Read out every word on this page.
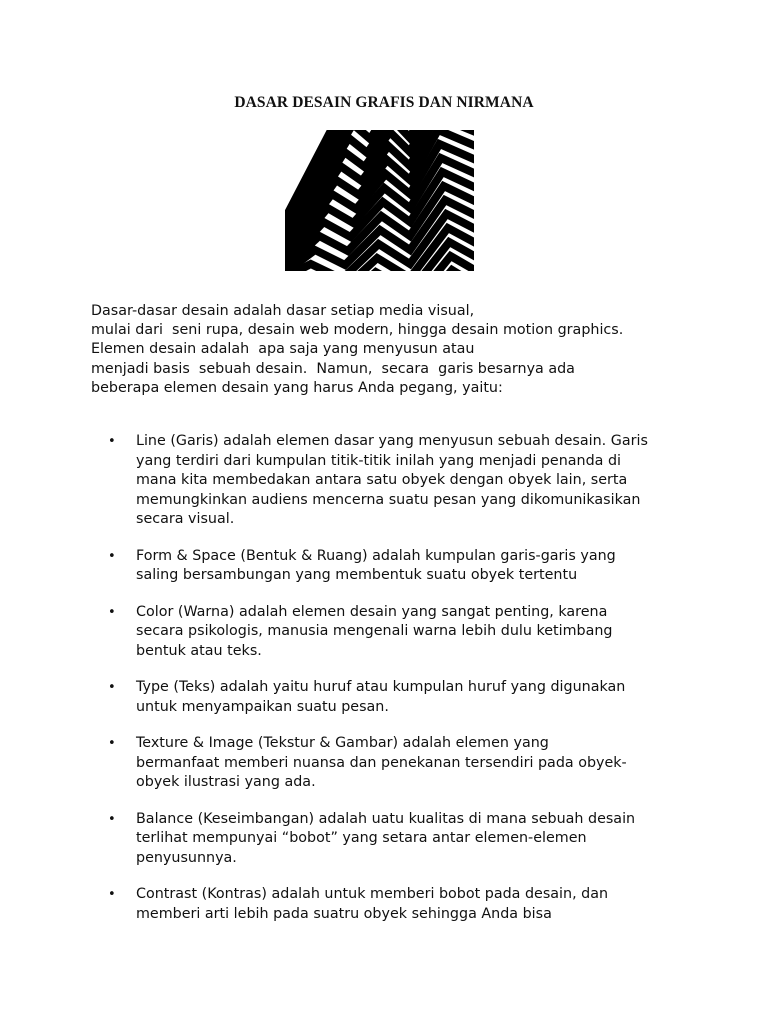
DASAR DESAIN GRAFIS DAN NIRMANA
Dasar-dasar desain adalah dasar setiap media visual,
mulai dari  seni rupa, desain web modern, hingga desain motion graphics.
Elemen desain adalah  apa saja yang menyusun atau
menjadi basis  sebuah desain.  Namun,  secara  garis besarnya ada
beberapa elemen desain yang harus Anda pegang, yaitu:
•	Line (Garis) adalah elemen dasar yang menyusun sebuah desain. Garis
yang terdiri dari kumpulan titik-titik inilah yang menjadi penanda di
mana kita membedakan antara satu obyek dengan obyek lain, serta
memungkinkan audiens mencerna suatu pesan yang dikomunikasikan
secara visual.
•	Form & Space (Bentuk & Ruang) adalah kumpulan garis-garis yang
saling bersambungan yang membentuk suatu obyek tertentu
•	Color (Warna) adalah elemen desain yang sangat penting, karena
secara psikologis, manusia mengenali warna lebih dulu ketimbang
bentuk atau teks.
•	Type (Teks) adalah yaitu huruf atau kumpulan huruf yang digunakan
untuk menyampaikan suatu pesan.
•	Texture & Image (Tekstur & Gambar) adalah elemen yang
bermanfaat memberi nuansa dan penekanan tersendiri pada obyek-
obyek ilustrasi yang ada.
•	Balance (Keseimbangan) adalah uatu kualitas di mana sebuah desain
terlihat mempunyai “bobot” yang setara antar elemen-elemen
penyusunnya.
•	Contrast (Kontras) adalah untuk memberi bobot pada desain, dan
memberi arti lebih pada suatru obyek sehingga Anda bisa
